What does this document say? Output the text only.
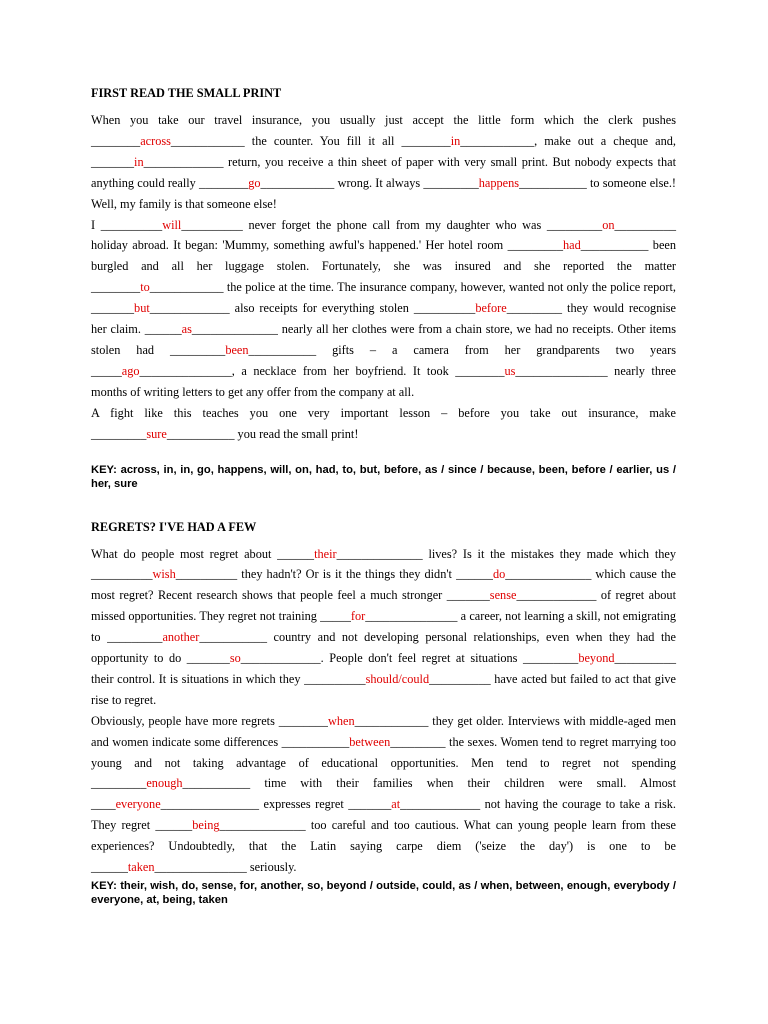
FIRST READ THE SMALL PRINT

When you take our travel insurance, you usually just accept the little form which the clerk pushes ________across____________ the counter. You fill it all ________in____________, make out a cheque and, _______in_____________ return, you receive a thin sheet of paper with very small print. But nobody expects that anything could really ________go____________ wrong. It always _________happens___________ to someone else.! Well, my family is that someone else!

I __________will__________ never forget the phone call from my daughter who was _________on__________ holiday abroad. It began: 'Mummy, something awful's happened.' Her hotel room _________had___________ been burgled and all her luggage stolen. Fortunately, she was insured and she reported the matter ________to____________ the police at the time. The insurance company, however, wanted not only the police report, _______but_____________ also receipts for everything stolen __________before_________ they would recognise her claim. ______as______________ nearly all her clothes were from a chain store, we had no receipts. Other items stolen had _________been___________ gifts – a camera from her grandparents two years _____ago_______________, a necklace from her boyfriend. It took ________us_______________ nearly three months of writing letters to get any offer from the company at all.

A fight like this teaches you one very important lesson – before you take out insurance, make _________sure___________ you read the small print!

KEY: across, in, in, go, happens, will, on, had, to, but, before, as / since / because, been, before / earlier, us / her, sure

REGRETS? I'VE HAD A FEW

What do people most regret about ______their______________ lives? Is it the mistakes they made which they __________wish__________ they hadn't? Or is it the things they didn't ______do______________ which cause the most regret? Recent research shows that people feel a much stronger _______sense_____________ of regret about missed opportunities. They regret not training _____for_______________ a career, not learning a skill, not emigrating to _________another___________ country and not developing personal relationships, even when they had the opportunity to do _______so_____________. People don't feel regret at situations _________beyond__________ their control. It is situations in which they __________should/could__________ have acted but failed to act that give rise to regret.

Obviously, people have more regrets ________when____________ they get older. Interviews with middle-aged men and women indicate some differences ___________between_________ the sexes. Women tend to regret marrying too young and not taking advantage of educational opportunities. Men tend to regret not spending _________enough___________ time with their families when their children were small. Almost ____everyone________________ expresses regret _______at_____________ not having the courage to take a risk. They regret ______being______________ too careful and too cautious. What can young people learn from these experiences? Undoubtedly, that the Latin saying carpe diem ('seize the day') is one to be ______taken_______________ seriously.

KEY: their, wish, do, sense, for, another, so, beyond / outside, could, as / when, between, enough, everybody / everyone, at, being, taken
